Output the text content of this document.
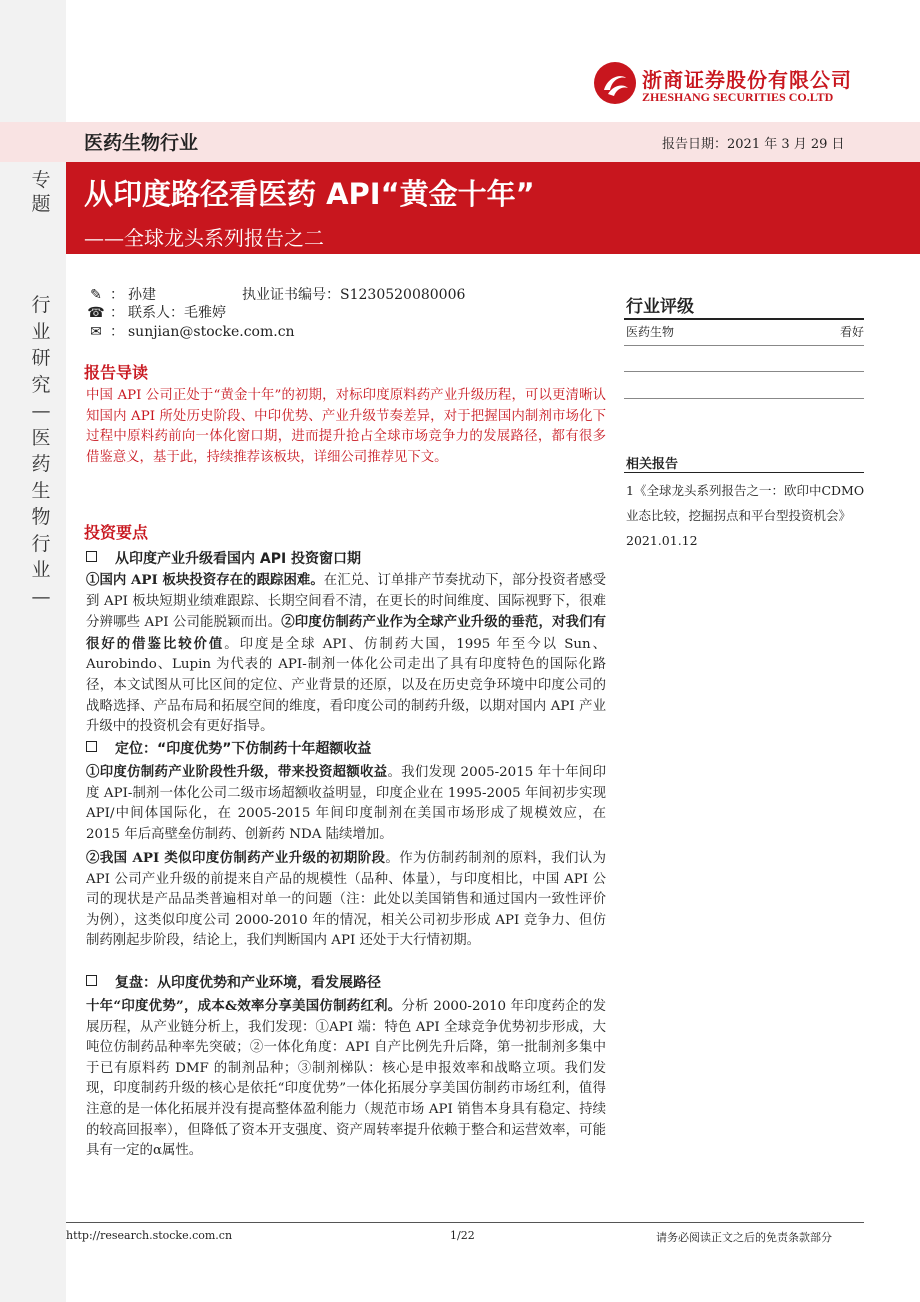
浙商证券股份有限公司
ZHESHANG SECURITIES CO.LTD
医药生物行业	报告日期：2021 年 3 月 29 日
专题 从印度路径看医药 API“黄金十年”
——全球龙头系列报告之二
行业研究—医药生物行业—
✎ ： 孙建	执业证书编号：S1230520080006
☎ ： 联系人：毛雅婷
✉ ： sunjian@stocke.com.cn
行业评级
医药生物	看好
相关报告
1《全球龙头系列报告之一：欧印中CDMO 业态比较，挖掘拐点和平台型投资机会》2021.01.12
报告导读
中国 API 公司正处于“黄金十年”的初期，对标印度原料药产业升级历程，可以更清晰认知国内 API 所处历史阶段、中印优势、产业升级节奏差异，对于把握国内制剂市场化下过程中原料药前向一体化窗口期，进而提升抢占全球市场竞争力的发展路径，都有很多借鉴意义，基于此，持续推荐该板块，详细公司推荐见下文。
投资要点
从印度产业升级看国内 API 投资窗口期
①国内 API 板块投资存在的跟踪困难。在汇兑、订单排产节奏扰动下，部分投资者感受到 API 板块短期业绩难跟踪、长期空间看不清，在更长的时间维度、国际视野下，很难分辨哪些 API 公司能脱颖而出。②印度仿制药产业作为全球产业升级的垂范，对我们有很好的借鉴比较价值。印度是全球 API、仿制药大国，1995 年至今以 Sun、Aurobindo、Lupin 为代表的 API-制剂一体化公司走出了具有印度特色的国际化路径，本文试图从可比区间的定位、产业背景的还原，以及在历史竞争环境中印度公司的战略选择、产品布局和拓展空间的维度，看印度公司的制药升级，以期对国内 API 产业升级中的投资机会有更好指导。
定位：“印度优势”下仿制药十年超额收益
①印度仿制药产业阶段性升级，带来投资超额收益。我们发现 2005-2015 年十年间印度 API-制剂一体化公司二级市场超额收益明显，印度企业在 1995-2005 年间初步实现 API/中间体国际化，在 2005-2015 年间印度制剂在美国市场形成了规模效应，在 2015 年后高壁垒仿制药、创新药 NDA 陆续增加。
②我国 API 类似印度仿制药产业升级的初期阶段。作为仿制药制剂的原料，我们认为 API 公司产业升级的前提来自产品的规模性（品种、体量），与印度相比，中国 API 公司的现状是产品品类普遍相对单一的问题（注：此处以美国销售和通过国内一致性评价为例），这类似印度公司 2000-2010 年的情况，相关公司初步形成 API 竞争力、但仿制药刚起步阶段，结论上，我们判断国内 API 还处于大行情初期。
复盘：从印度优势和产业环境，看发展路径
十年“印度优势”，成本&效率分享美国仿制药红利。分析 2000-2010 年印度药企的发展历程，从产业链分析上，我们发现：①API 端：特色 API 全球竞争优势初步形成，大吨位仿制药品种率先突破；②一体化角度：API 自产比例先升后降，第一批制剂多集中于已有原料药 DMF 的制剂品种；③制剂梯队：核心是申报效率和战略立项。我们发现，印度制药升级的核心是依托“印度优势”一体化拓展分享美国仿制药市场红利，值得注意的是一体化拓展并没有提高整体盈利能力（规范市场 API 销售本身具有稳定、持续的较高回报率），但降低了资本开支强度、资产周转率提升依赖于整合和运营效率，可能具有一定的α属性。
http://research.stocke.com.cn	1/22	请务必阅读正文之后的免责条款部分
